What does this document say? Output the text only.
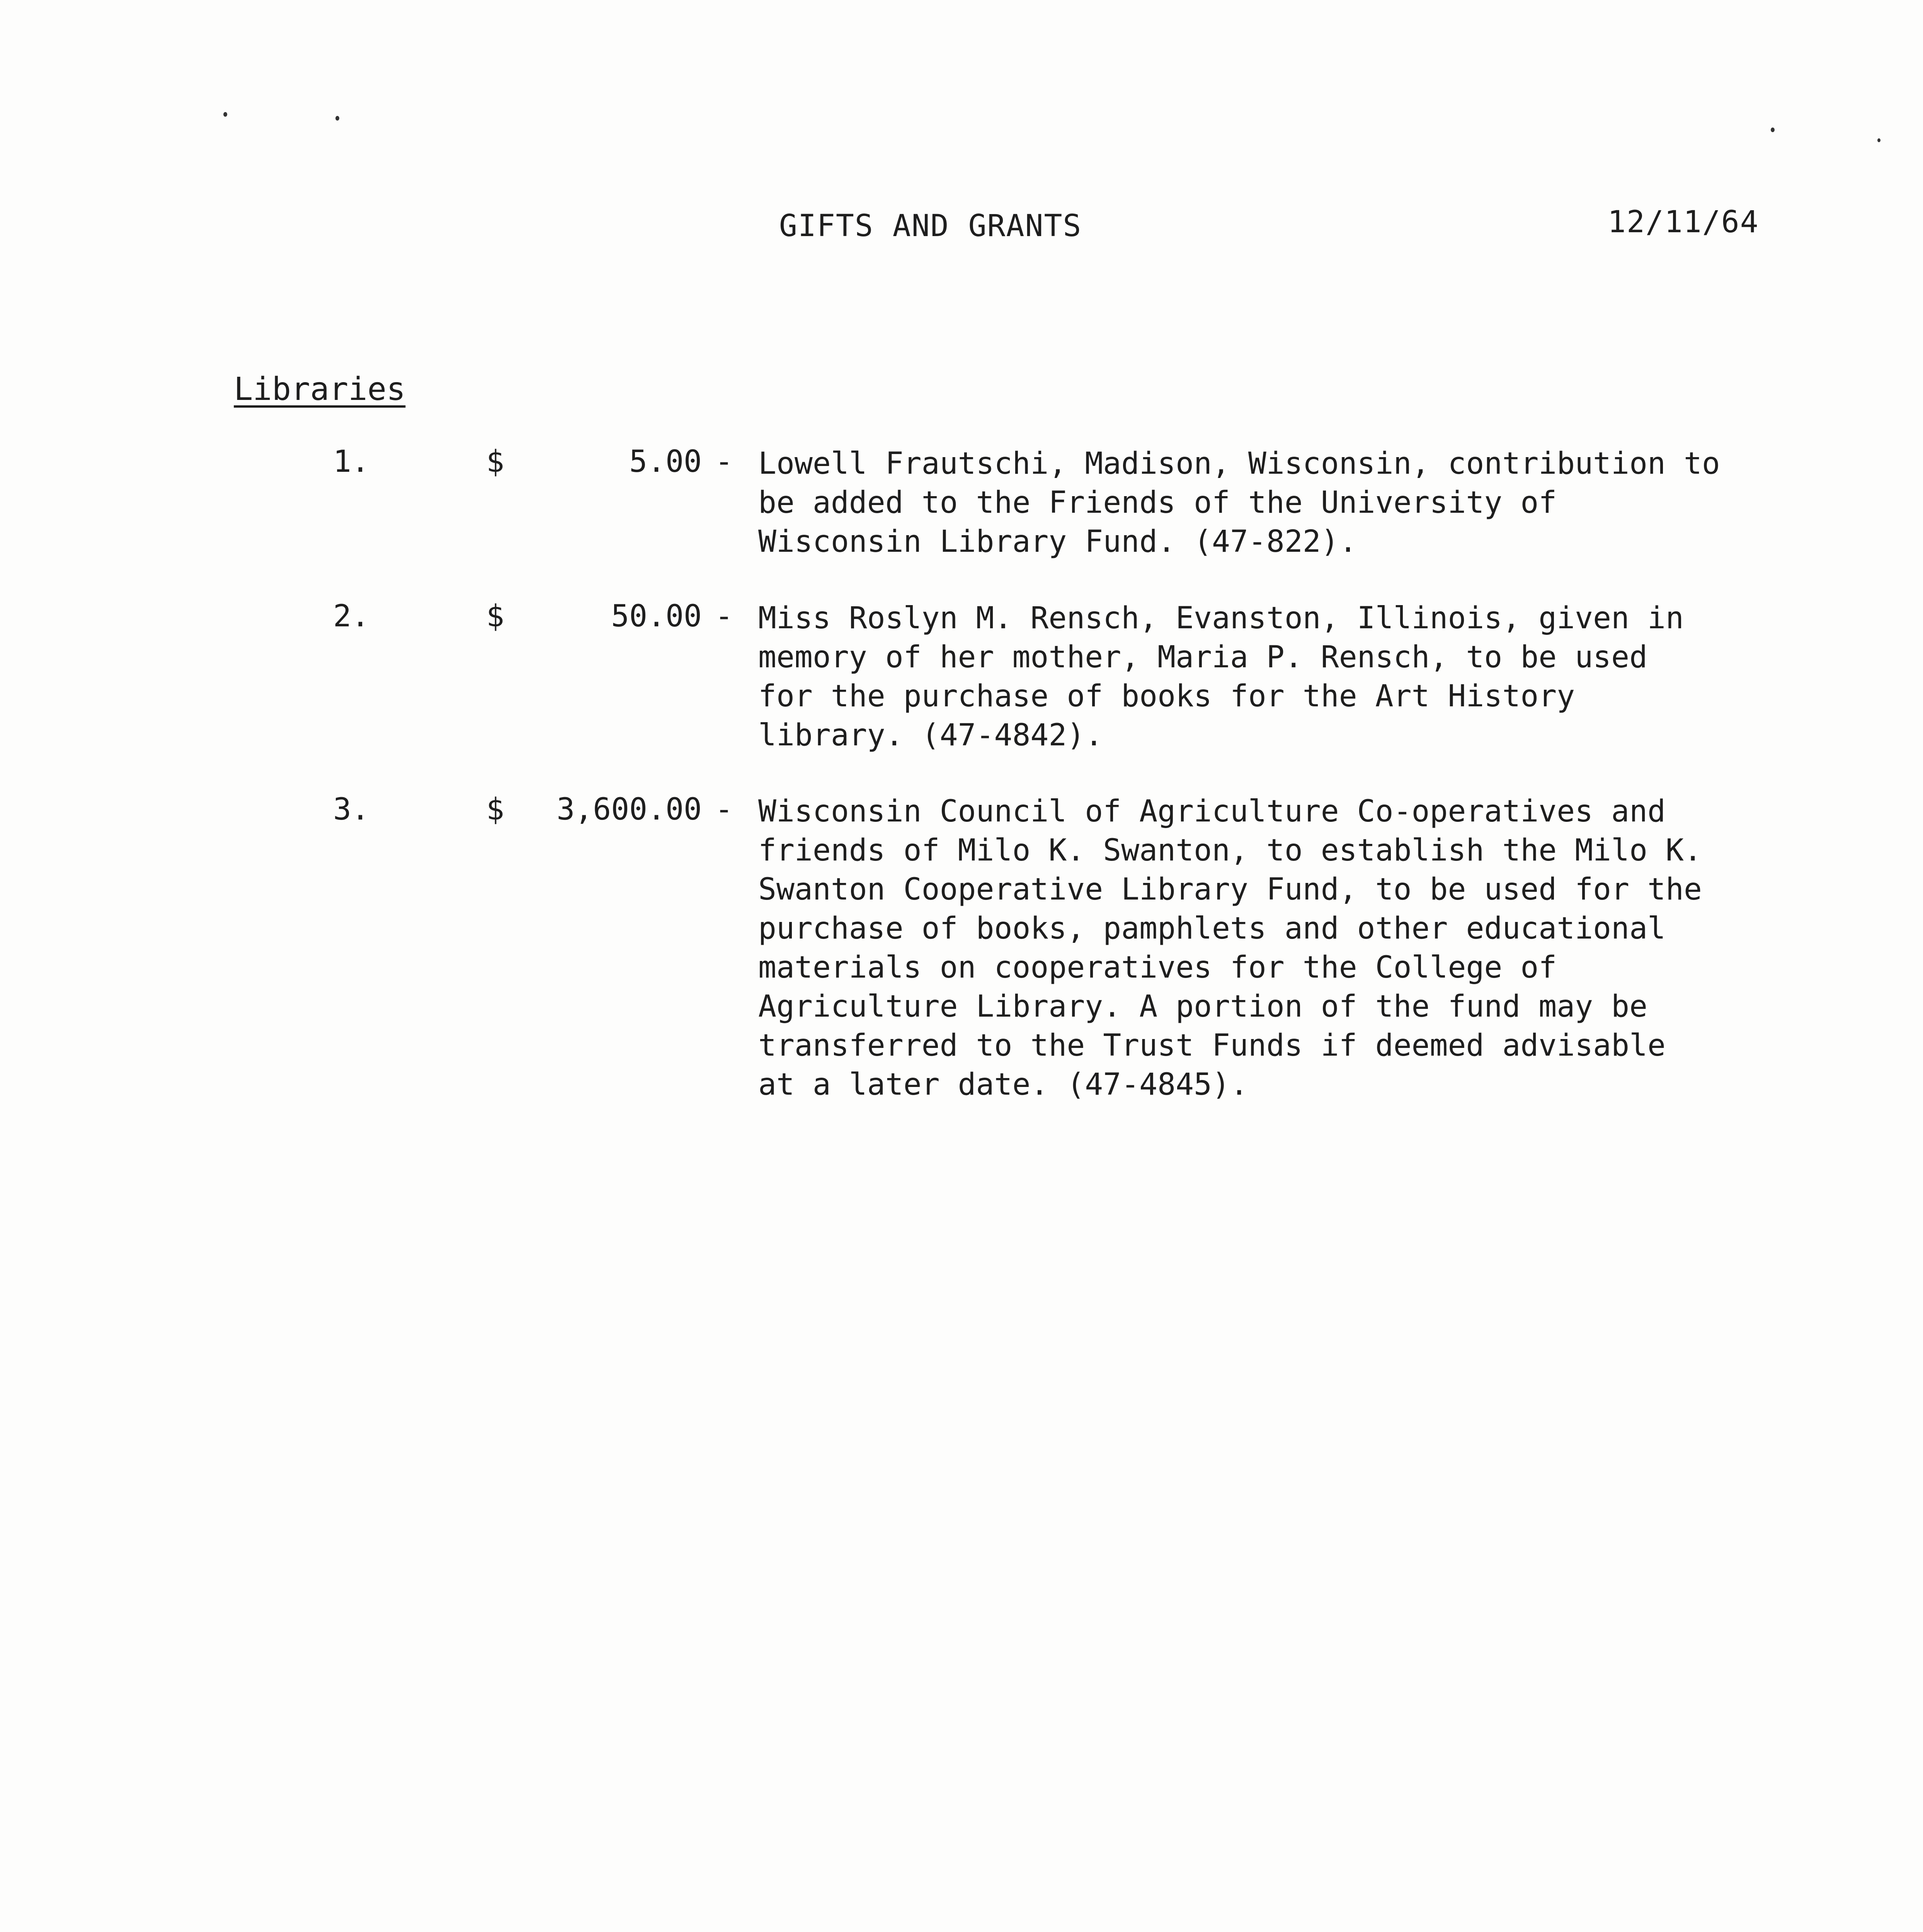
GIFTS AND GRANTS	12/11/64
Libraries
1.	$	5.00 - Lowell Frautschi, Madison, Wisconsin, contribution to
be added to the Friends of the University of
Wisconsin Library Fund. (47-822).
2.	$	50.00 - Miss Roslyn M. Rensch, Evanston, Illinois, given in
memory of her mother, Maria P. Rensch, to be used
for the purchase of books for the Art History
library. (47-4842).
3.	$ 3,600.00 - Wisconsin Council of Agriculture Co-operatives and
friends of Milo K. Swanton, to establish the Milo K.
Swanton Cooperative Library Fund, to be used for the
purchase of books, pamphlets and other educational
materials on cooperatives for the College of
Agriculture Library. A portion of the fund may be
transferred to the Trust Funds if deemed advisable
at a later date. (47-4845).
